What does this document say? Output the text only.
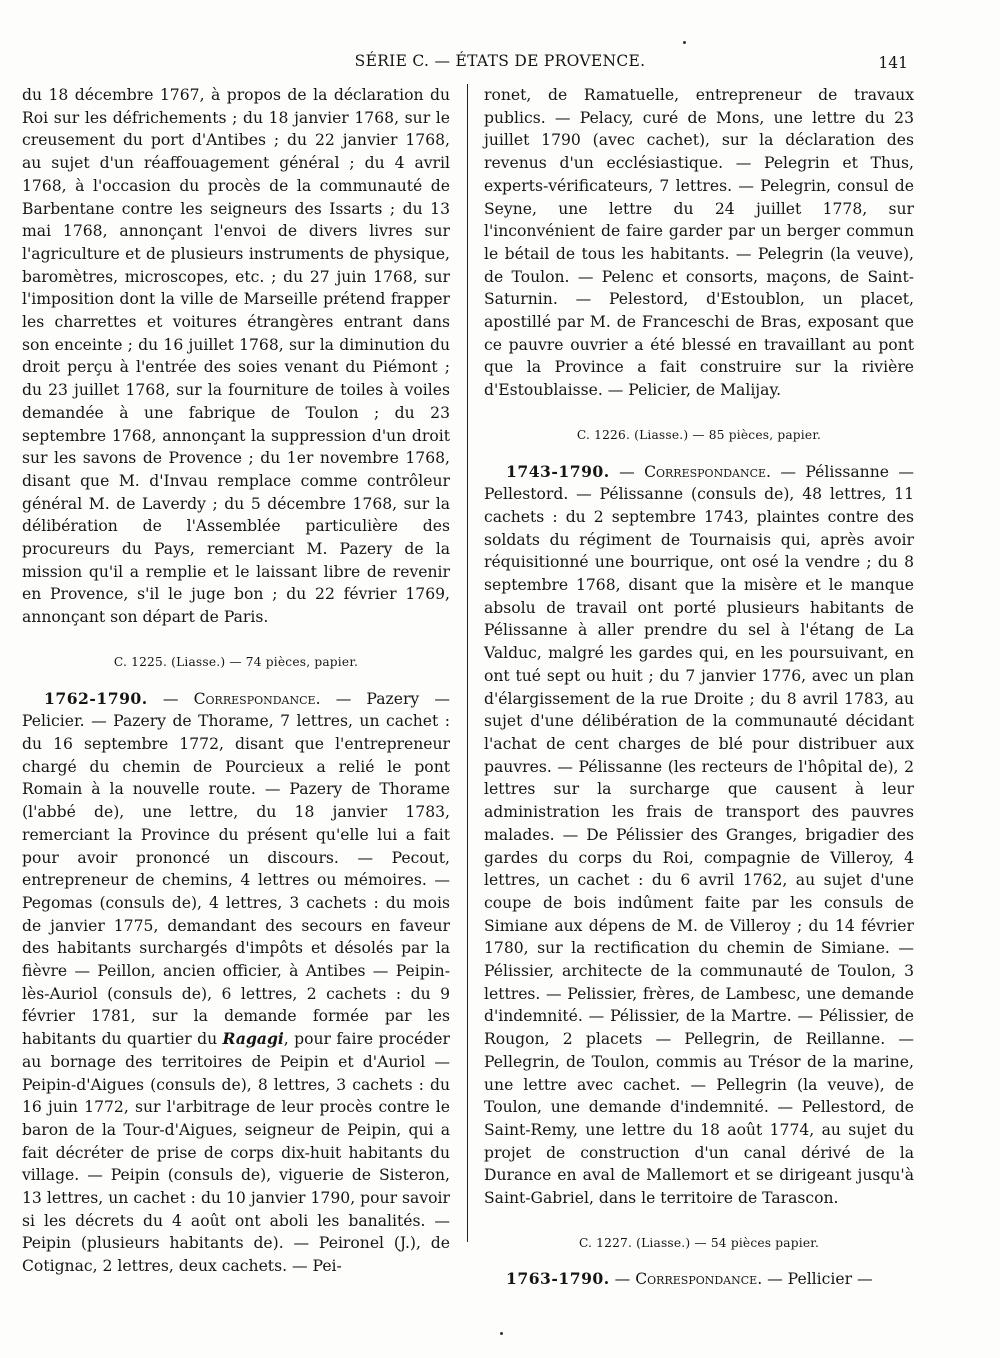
SÉRIE C. — ÉTATS DE PROVENCE.	141

du 18 décembre 1767, à propos de la déclaration du Roi sur les défrichements ; du 18 janvier 1768, sur le creusement du port d'Antibes ; du 22 janvier 1768, au sujet d'un réaffouagement général ; du 4 avril 1768, à l'occasion du procès de la communauté de Barbentane contre les seigneurs des Issarts ; du 13 mai 1768, annonçant l'envoi de divers livres sur l'agriculture et de plusieurs instruments de physique, baromètres, microscopes, etc. ; du 27 juin 1768, sur l'imposition dont la ville de Marseille prétend frapper les charrettes et voitures étrangères entrant dans son enceinte ; du 16 juillet 1768, sur la diminution du droit perçu à l'entrée des soies venant du Piémont ; du 23 juillet 1768, sur la fourniture de toiles à voiles demandée à une fabrique de Toulon ; du 23 septembre 1768, annonçant la suppression d'un droit sur les savons de Provence ; du 1er novembre 1768, disant que M. d'Invau remplace comme contrôleur général M. de Laverdy ; du 5 décembre 1768, sur la délibération de l'Assemblée particulière des procureurs du Pays, remerciant M. Pazery de la mission qu'il a remplie et le laissant libre de revenir en Provence, s'il le juge bon ; du 22 février 1769, annonçant son départ de Paris.

C. 1225. (Liasse.) — 74 pièces, papier.

1762-1790. — Correspondance. — Pazery — Pelicier. — Pazery de Thorame, 7 lettres, un cachet : du 16 septembre 1772, disant que l'entrepreneur chargé du chemin de Pourcieux a relié le pont Romain à la nouvelle route. — Pazery de Thorame (l'abbé de), une lettre, du 18 janvier 1783, remerciant la Province du présent qu'elle lui a fait pour avoir prononcé un discours. — Pecout, entrepreneur de chemins, 4 lettres ou mémoires. — Pegomas (consuls de), 4 lettres, 3 cachets : du mois de janvier 1775, demandant des secours en faveur des habitants surchargés d'impôts et désolés par la fièvre — Peillon, ancien officier, à Antibes — Peipin-lès-Auriol (consuls de), 6 lettres, 2 cachets : du 9 février 1781, sur la demande formée par les habitants du quartier du Ragagi, pour faire procéder au bornage des territoires de Peipin et d'Auriol — Peipin-d'Aigues (consuls de), 8 lettres, 3 cachets : du 16 juin 1772, sur l'arbitrage de leur procès contre le baron de la Tour-d'Aigues, seigneur de Peipin, qui a fait décréter de prise de corps dix-huit habitants du village. — Peipin (consuls de), viguerie de Sisteron, 13 lettres, un cachet : du 10 janvier 1790, pour savoir si les décrets du 4 août ont aboli les banalités. — Peipin (plusieurs habitants de). — Peironel (J.), de Cotignac, 2 lettres, deux cachets. — Pei-

ronet, de Ramatuelle, entrepreneur de travaux publics. — Pelacy, curé de Mons, une lettre du 23 juillet 1790 (avec cachet), sur la déclaration des revenus d'un ecclésiastique. — Pelegrin et Thus, experts-vérificateurs, 7 lettres. — Pelegrin, consul de Seyne, une lettre du 24 juillet 1778, sur l'inconvénient de faire garder par un berger commun le bétail de tous les habitants. — Pelegrin (la veuve), de Toulon. — Pelenc et consorts, maçons, de Saint-Saturnin. — Pelestord, d'Estoublon, un placet, apostillé par M. de Franceschi de Bras, exposant que ce pauvre ouvrier a été blessé en travaillant au pont que la Province a fait construire sur la rivière d'Estoublaisse. — Pelicier, de Malijay.

C. 1226. (Liasse.) — 85 pièces, papier.

1743-1790. — Correspondance. — Pélissanne — Pellestord. — Pélissanne (consuls de), 48 lettres, 11 cachets : du 2 septembre 1743, plaintes contre des soldats du régiment de Tournaisis qui, après avoir réquisitionné une bourrique, ont osé la vendre ; du 8 septembre 1768, disant que la misère et le manque absolu de travail ont porté plusieurs habitants de Pélissanne à aller prendre du sel à l'étang de La Valduc, malgré les gardes qui, en les poursuivant, en ont tué sept ou huit ; du 7 janvier 1776, avec un plan d'élargissement de la rue Droite ; du 8 avril 1783, au sujet d'une délibération de la communauté décidant l'achat de cent charges de blé pour distribuer aux pauvres. — Pélissanne (les recteurs de l'hôpital de), 2 lettres sur la surcharge que causent à leur administration les frais de transport des pauvres malades. — De Pélissier des Granges, brigadier des gardes du corps du Roi, compagnie de Villeroy, 4 lettres, un cachet : du 6 avril 1762, au sujet d'une coupe de bois indûment faite par les consuls de Simiane aux dépens de M. de Villeroy ; du 14 février 1780, sur la rectification du chemin de Simiane. — Pélissier, architecte de la communauté de Toulon, 3 lettres. — Pelissier, frères, de Lambesc, une demande d'indemnité. — Pélissier, de la Martre. — Pélissier, de Rougon, 2 placets — Pellegrin, de Reillanne. — Pellegrin, de Toulon, commis au Trésor de la marine, une lettre avec cachet. — Pellegrin (la veuve), de Toulon, une demande d'indemnité. — Pellestord, de Saint-Remy, une lettre du 18 août 1774, au sujet du projet de construction d'un canal dérivé de la Durance en aval de Mallemort et se dirigeant jusqu'à Saint-Gabriel, dans le territoire de Tarascon.

C. 1227. (Liasse.) — 54 pièces papier.

1763-1790. — Correspondance. — Pellicier —
